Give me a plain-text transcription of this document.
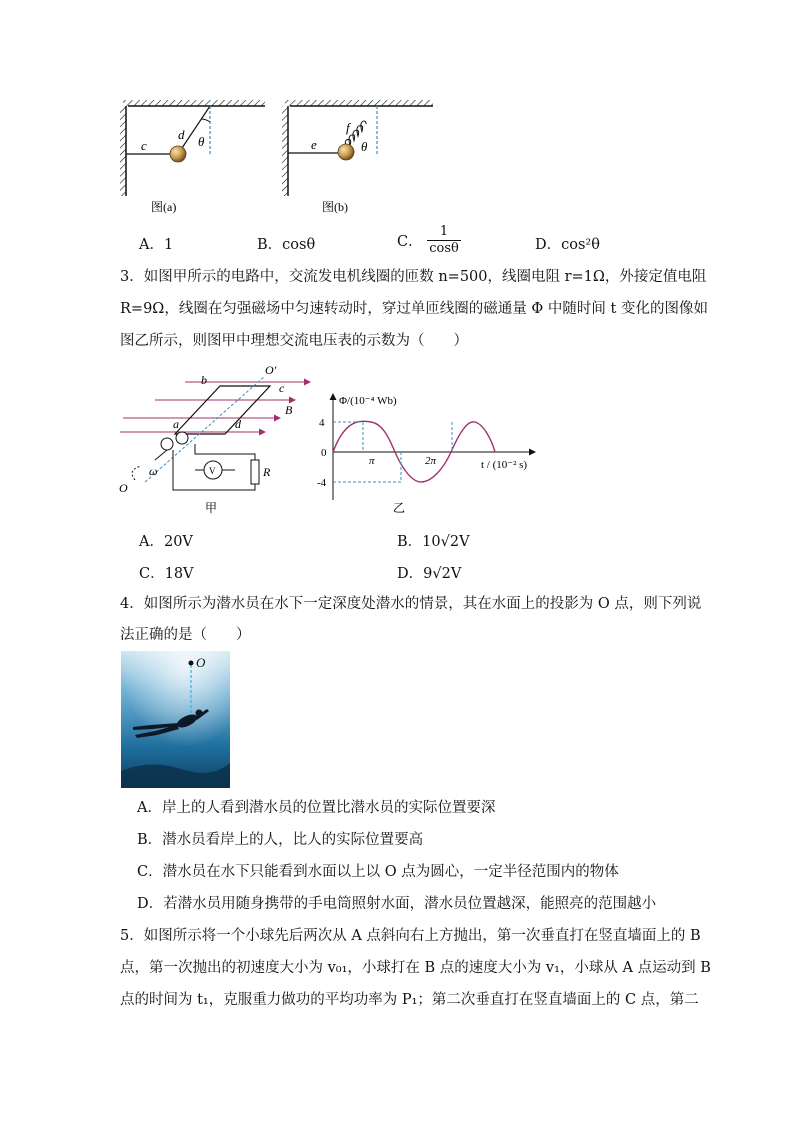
c
d θ
图(a)
e
f
θ
图(b)
A．1	B．cosθ	C． $\frac{1}{\cos\theta}$	D．cos²θ
3．如图甲所示的电路中，交流发电机线圈的匝数 n=500，线圈电阻 r=1Ω，外接定值电阻
R=9Ω，线圈在匀强磁场中匀速转动时，穿过单匝线圈的磁通量 Φ 中随时间 t 变化的图像如
图乙所示，则图甲中理想交流电压表的示数为（　　）
O′
b
c
B
a	d
O
ω	V	R
甲
Φ/(10⁻⁴ Wb)
4
0
-4
π	2π	t / (10⁻² s)
乙
A．20V	B．10√2V
C．18V	D．9√2V
4．如图所示为潜水员在水下一定深度处潜水的情景，其在水面上的投影为 O 点，则下列说
法正确的是（　　）
O
A．岸上的人看到潜水员的位置比潜水员的实际位置要深
B．潜水员看岸上的人，比人的实际位置要高
C．潜水员在水下只能看到水面以上以 O 点为圆心，一定半径范围内的物体
D．若潜水员用随身携带的手电筒照射水面，潜水员位置越深，能照亮的范围越小
5．如图所示将一个小球先后两次从 A 点斜向右上方抛出，第一次垂直打在竖直墙面上的 B
点，第一次抛出的初速度大小为 v₀₁，小球打在 B 点的速度大小为 v₁，小球从 A 点运动到 B
点的时间为 t₁，克服重力做功的平均功率为 P₁；第二次垂直打在竖直墙面上的 C 点，第二
